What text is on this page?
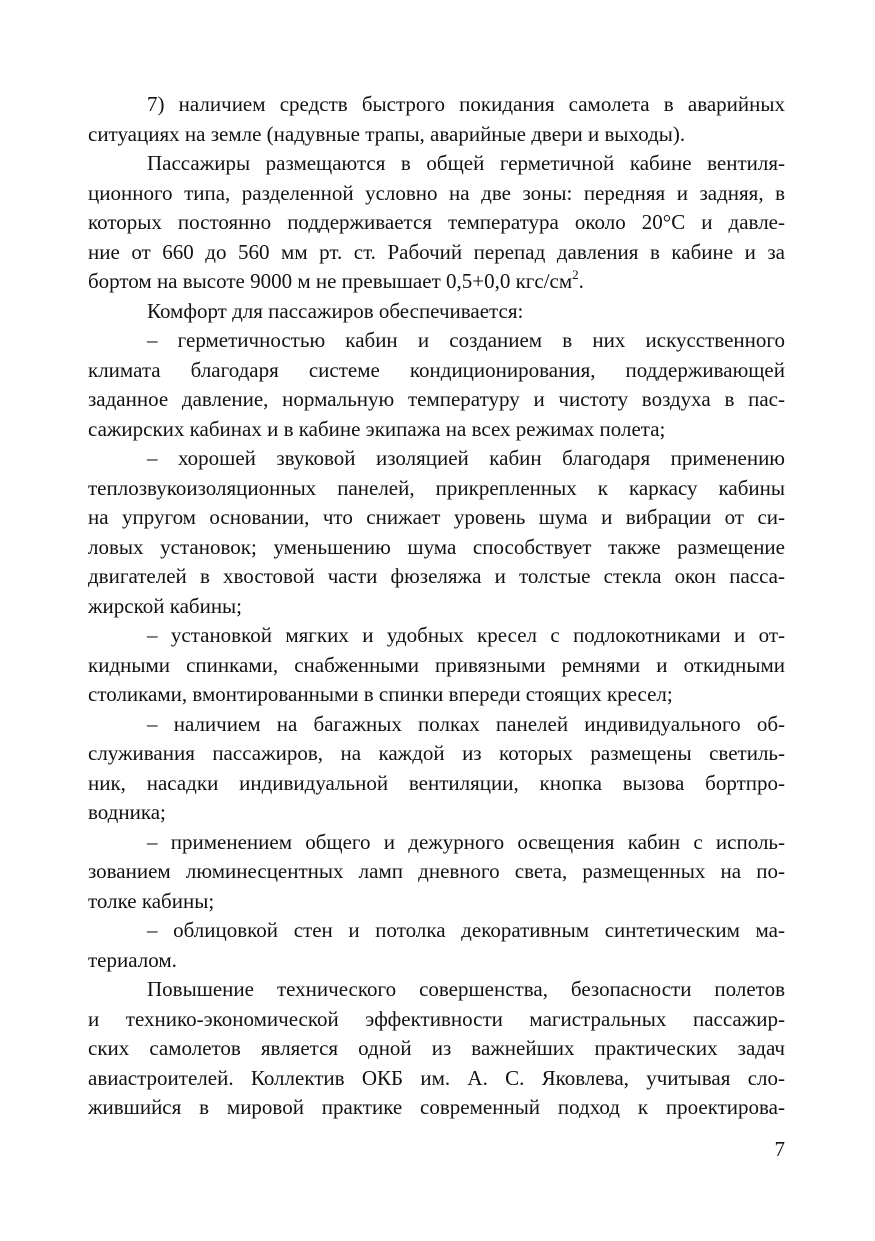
7) наличием средств быстрого покидания самолета в аварийных
ситуациях на земле (надувные трапы, аварийные двери и выходы).
Пассажиры размещаются в общей герметичной кабине вентиля-
ционного типа, разделенной условно на две зоны: передняя и задняя, в
которых постоянно поддерживается температура около 20°С и давле-
ние от 660 до 560 мм рт. ст. Рабочий перепад давления в кабине и за
бортом на высоте 9000 м не превышает 0,5+0,0 кгс/$см^2$.
Комфорт для пассажиров обеспечивается:
– герметичностью кабин и созданием в них искусственного
климата благодаря системе кондиционирования, поддерживающей
заданное давление, нормальную температуру и чистоту воздуха в пас-
сажирских кабинах и в кабине экипажа на всех режимах полета;
– хорошей звуковой изоляцией кабин благодаря применению
теплозвукоизоляционных панелей, прикрепленных к каркасу кабины
на упругом основании, что снижает уровень шума и вибрации от си-
ловых установок; уменьшению шума способствует также размещение
двигателей в хвостовой части фюзеляжа и толстые стекла окон пасса-
жирской кабины;
– установкой мягких и удобных кресел с подлокотниками и от-
кидными спинками, снабженными привязными ремнями и откидными
столиками, вмонтированными в спинки впереди стоящих кресел;
– наличием на багажных полках панелей индивидуального об-
служивания пассажиров, на каждой из которых размещены светиль-
ник, насадки индивидуальной вентиляции, кнопка вызова бортпро-
водника;
– применением общего и дежурного освещения кабин с исполь-
зованием люминесцентных ламп дневного света, размещенных на по-
толке кабины;
– облицовкой стен и потолка декоративным синтетическим ма-
териалом.
Повышение технического совершенства, безопасности полетов
и технико-экономической эффективности магистральных пассажир-
ских самолетов является одной из важнейших практических задач
авиастроителей. Коллектив ОКБ им. А. С. Яковлева, учитывая сло-
жившийся в мировой практике современный подход к проектирова-
7
